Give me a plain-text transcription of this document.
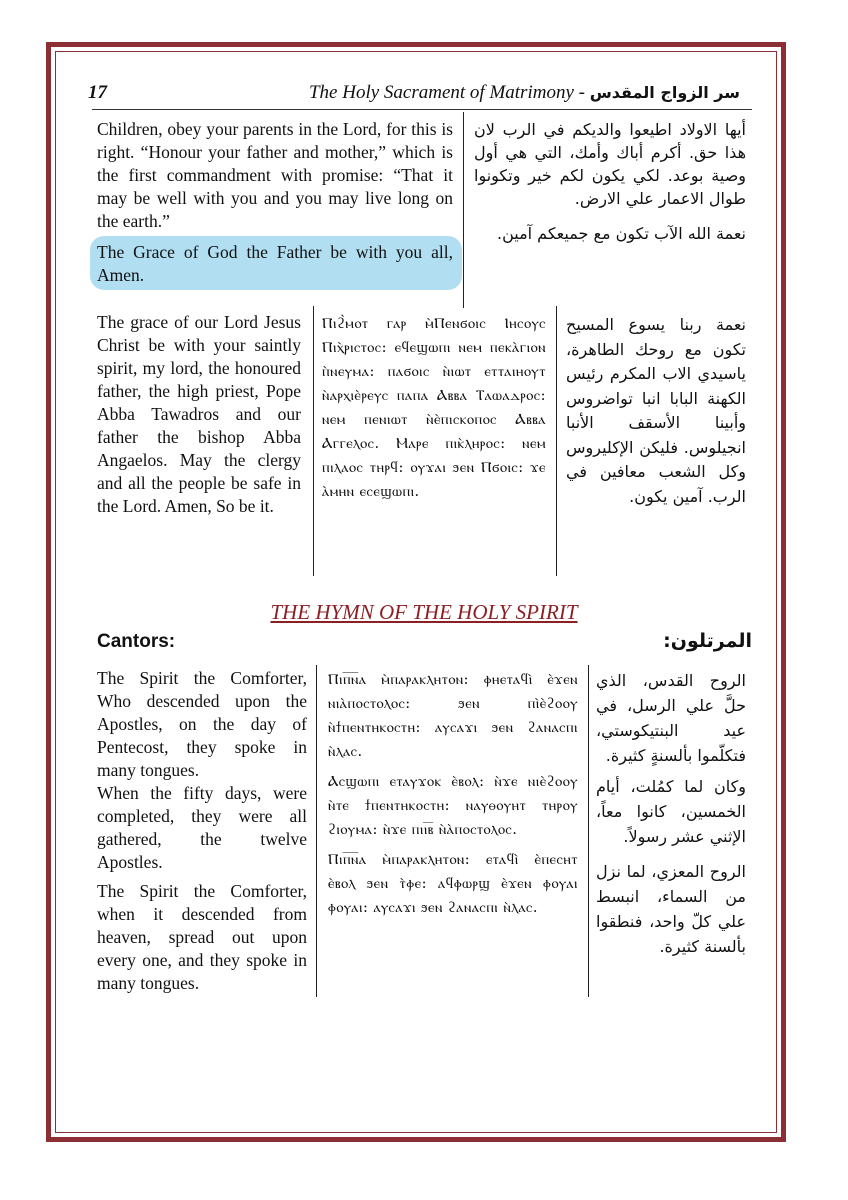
17	The Holy Sacrament of Matrimony - سر الزواج المقدس

Children, obey your parents in the Lord, for this is right. “Honour your father and mother,” which is the first commandment with promise: “That it may be well with you and you may live long on the earth.”

The Grace of God the Father be with you all, Amen.

أيها الاولاد اطيعوا والديكم في الرب لان هذا حق. أكرم أباك وأمك، التي هي أول وصية بوعد. لكي يكون لكم خير وتكونوا طوال الاعمار علي الارض.

نعمة الله الآب تكون مع جميعكم آمين.

The grace of our Lord Jesus Christ be with your saintly spirit, my lord, the honoured father, the high priest, Pope Abba Tawadros and our father the bishop Abba Angaelos. May the clergy and all the people be safe in the Lord. Amen, So be it.
Ⲡⲓϩ̀ⲙⲟⲧ ⲅⲁⲣ ⲙ̀Ⲡⲉⲛϭⲟⲓⲥ Ⲓⲏⲥⲟⲩⲥ Ⲡⲓⲭ̀ⲣⲓⲥⲧⲟⲥ: ⲉϥⲉϣⲱⲡⲓ ⲛⲉⲙ ⲡⲉⲕⲁ̀ⲅⲓⲟⲛ ⲡ̀ⲛⲉⲩⲙⲁ: ⲡⲁϭⲟⲓⲥ ⲛ̀ⲓⲱⲧ ⲉⲧⲧⲁⲓⲏⲟⲩⲧ ⲛ̀ⲁⲣⲭⲓⲉ̀ⲣⲉⲩⲥ ⲡⲁⲡⲁ Ⲁⲃⲃⲁ Ⲧⲁⲱⲁⲇⲣⲟⲥ: ⲛⲉⲙ ⲡⲉⲛⲓⲱⲧ ⲛ̀ⲉ̀ⲡⲓⲥⲕⲟⲡⲟⲥ Ⲁⲃⲃⲁ Ⲁⲅⲅⲉⲗⲟⲥ. Ⲙⲁⲣⲉ ⲡⲓⲕ̀ⲗⲏⲣⲟⲥ: ⲛⲉⲙ ⲡⲓⲗⲁⲟⲥ ⲧⲏⲣϥ: ⲟⲩϫⲁⲓ ϧⲉⲛ Ⲡϭⲟⲓⲥ: ϫⲉ ⲁ̀ⲙⲏⲛ ⲉⲥⲉϣⲱⲡⲓ.
نعمة ربنا يسوع المسيح تكون مع روحك الطاهرة، ياسيدي الاب المكرم رئيس الكهنة البابا انبا تواضروس وأبينا الأسقف الأنبا انجيلوس. فليكن الإكليروس وكل الشعب معافين في الرب. آمين يكون.
THE HYMN OF THE HOLY SPIRIT
Cantors:	المرتلون:

The Spirit the Comforter, Who descended upon the Apostles, on the day of Pentecost, they spoke in many tongues.

When the fifty days, were completed, they were all gathered, the twelve Apostles.

The Spirit the Comforter, when it descended from heaven, spread out upon every one, and they spoke in many tongues.

Ⲡⲓⲡ̅ⲛ̅ⲁ ⲙ̀ⲡⲁⲣⲁⲕⲗⲏⲧⲟⲛ: ⲫⲏⲉⲧⲁϥⲓ̀ ⲉ̀ϫⲉⲛ ⲛⲓⲁ̀ⲡⲟⲥⲧⲟⲗⲟⲥ: ϧⲉⲛ ⲡⲓ̀ⲉ̀ϩⲟⲟⲩ ⲛ̀ϯⲡⲉⲛⲧⲏⲕⲟⲥⲧⲏ: ⲁⲩⲥⲁϫⲓ ϧⲉⲛ ϩⲁⲛⲁⲥⲡⲓ ⲛ̀ⲗⲁⲥ.

Ⲁⲥϣⲱⲡⲓ ⲉⲧⲁⲩϫⲟⲕ ⲉ̀ⲃⲟⲗ: ⲛ̀ϫⲉ ⲛⲓⲉ̀ϩⲟⲟⲩ ⲛ̀ⲧⲉ ϯⲡⲉⲛⲧⲏⲕⲟⲥⲧⲏ: ⲛⲁⲩⲑⲟⲩⲏⲧ ⲧⲏⲣⲟⲩ ϩⲓⲟⲩⲙⲁ: ⲛ̀ϫⲉ ⲡⲓⲓ̅ⲃ̅ ⲛ̀ⲁ̀ⲡⲟⲥⲧⲟⲗⲟⲥ.

Ⲡⲓⲡ̅ⲛ̅ⲁ ⲙ̀ⲡⲁⲣⲁⲕⲗⲏⲧⲟⲛ: ⲉⲧⲁϥⲓ̀ ⲉ̀ⲡⲉⲥⲏⲧ ⲉ̀ⲃⲟⲗ ϧⲉⲛ ⲧ̀ⲫⲉ: ⲁϥⲫⲱⲣϣ ⲉ̀ϫⲉⲛ ⲫⲟⲩⲁⲓ ⲫⲟⲩⲁⲓ: ⲁⲩⲥⲁϫⲓ ϧⲉⲛ ϩⲁⲛⲁⲥⲡⲓ ⲛ̀ⲗⲁⲥ.

الروح القدس، الذي حلَّ علي الرسل، في عيد البنتيكوستي، فتكلّموا بألسنةٍ كثيرة.

وكان لما كمُلت، أيام الخمسين، كانوا معاً، الإثني عشر رسولاً.

الروح المعزي، لما نزل من السماء، انبسط علي كلّ واحد، فنطقوا بألسنة كثيرة.
